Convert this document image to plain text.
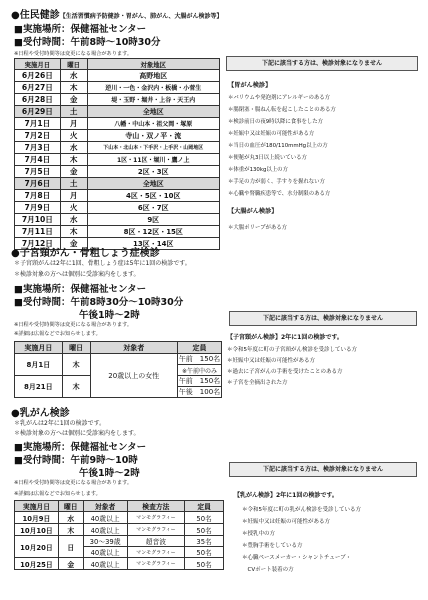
●住民健診【生活習慣病予防健診・胃がん、肺がん、大腸がん検診等】
■実施場所：保健福祉センター
■受付時間：午前8時～10時30分
※日程や受付時間等は変更になる場合があります。
実施月日	曜日	対象地区
6月26日	水	高野地区
6月27日	木	逆川・一色・金沢内・板橋・小菅生
6月28日	金	堤・玉野・堀井・上谷・天王内
6月29日	土	全地区
7月1日	月	八幡・中山本・祖父岡・塚原
7月2日	火	寺山・双ノ平・流
7月3日	水	下山本・北山本・下手沢・上手沢・山岡地区
7月4日	木	1区・11区・堀川・鷹ノ上
7月5日	金	2区・3区
7月6日	土	全地区
7月8日	月	4区・5区・10区
7月9日	火	6区・7区
7月10日	水	9区
7月11日	木	8区・12区・15区
7月12日	金	13区・14区
下記に該当する方は、検診対象になりません
【胃がん検診】
＊バリウムや発泡剤にアレルギーのある方
＊腸閉塞・腸ねん転を起こしたことのある方
＊検診前日の夜9時以降に食事をした方
＊妊娠中又は妊娠の可能性がある方
＊当日の血圧が180/110mmHg以上の方
＊便秘が丸3日以上続いている方
＊体重が130kg以上の方
＊手足の力が弱く、手すりを握れない方
＊心臓や腎臓疾患等で、水分制限のある方
【大腸がん検診】
＊大腸ポリープがある方
●子宮頸がん・骨粗しょう症検診
＊子宮頸がんは2年に1回、骨粗しょう症は5年に1回の検診です。
＊検診対象の方へは個別に受診案内をします。
■実施場所：保健福祉センター
■受付時間：午前8時30分～10時30分
午後1時～2時
※日程や受付時間等は変更になる場合があります。
※詳細は広報などでお知らせします。
実施月日	曜日	対象者	定員
8月1日	木	20歳以上の女性	午前　150名
			※午前中のみ
8月21日	木		午前　150名
			午後　100名
下記に該当する方は、検診対象になりません
【子宮頸がん検診】2年に1回の検診です。
＊令和5年度に町の子宮頸がん検診を受診している方
＊妊娠中又は妊娠の可能性がある方
＊過去に子宮がんの手術を受けたことのある方
＊子宮を全摘出された方
●乳がん検診
＊乳がんは2年に1回の検診です。
＊検診対象の方へは個別に受診案内をします。
■実施場所：保健福祉センター
■受付時間：午前9時～10時
午後1時～2時
※日程や受付時間等は変更になる場合があります。
※詳細は広報などでお知らせします。
実施月日	曜日	対象者	検査方法	定員
10月9日	水	40歳以上	マンモグラフィー	50名
10月10日	木	40歳以上	マンモグラフィー	50名
10月20日	日	30～39歳	超音波	35名
		40歳以上	マンモグラフィー	50名
10月25日	金	40歳以上	マンモグラフィー	50名
下記に該当する方は、検診対象になりません
【乳がん検診】2年に1回の検診です。
＊令和5年度に町の乳がん検診を受診している方
＊妊娠中又は妊娠の可能性がある方
＊授乳中の方
＊豊胸手術をしている方
＊心臓ペースメーカー・シャントチューブ・
　CVポート装着の方
